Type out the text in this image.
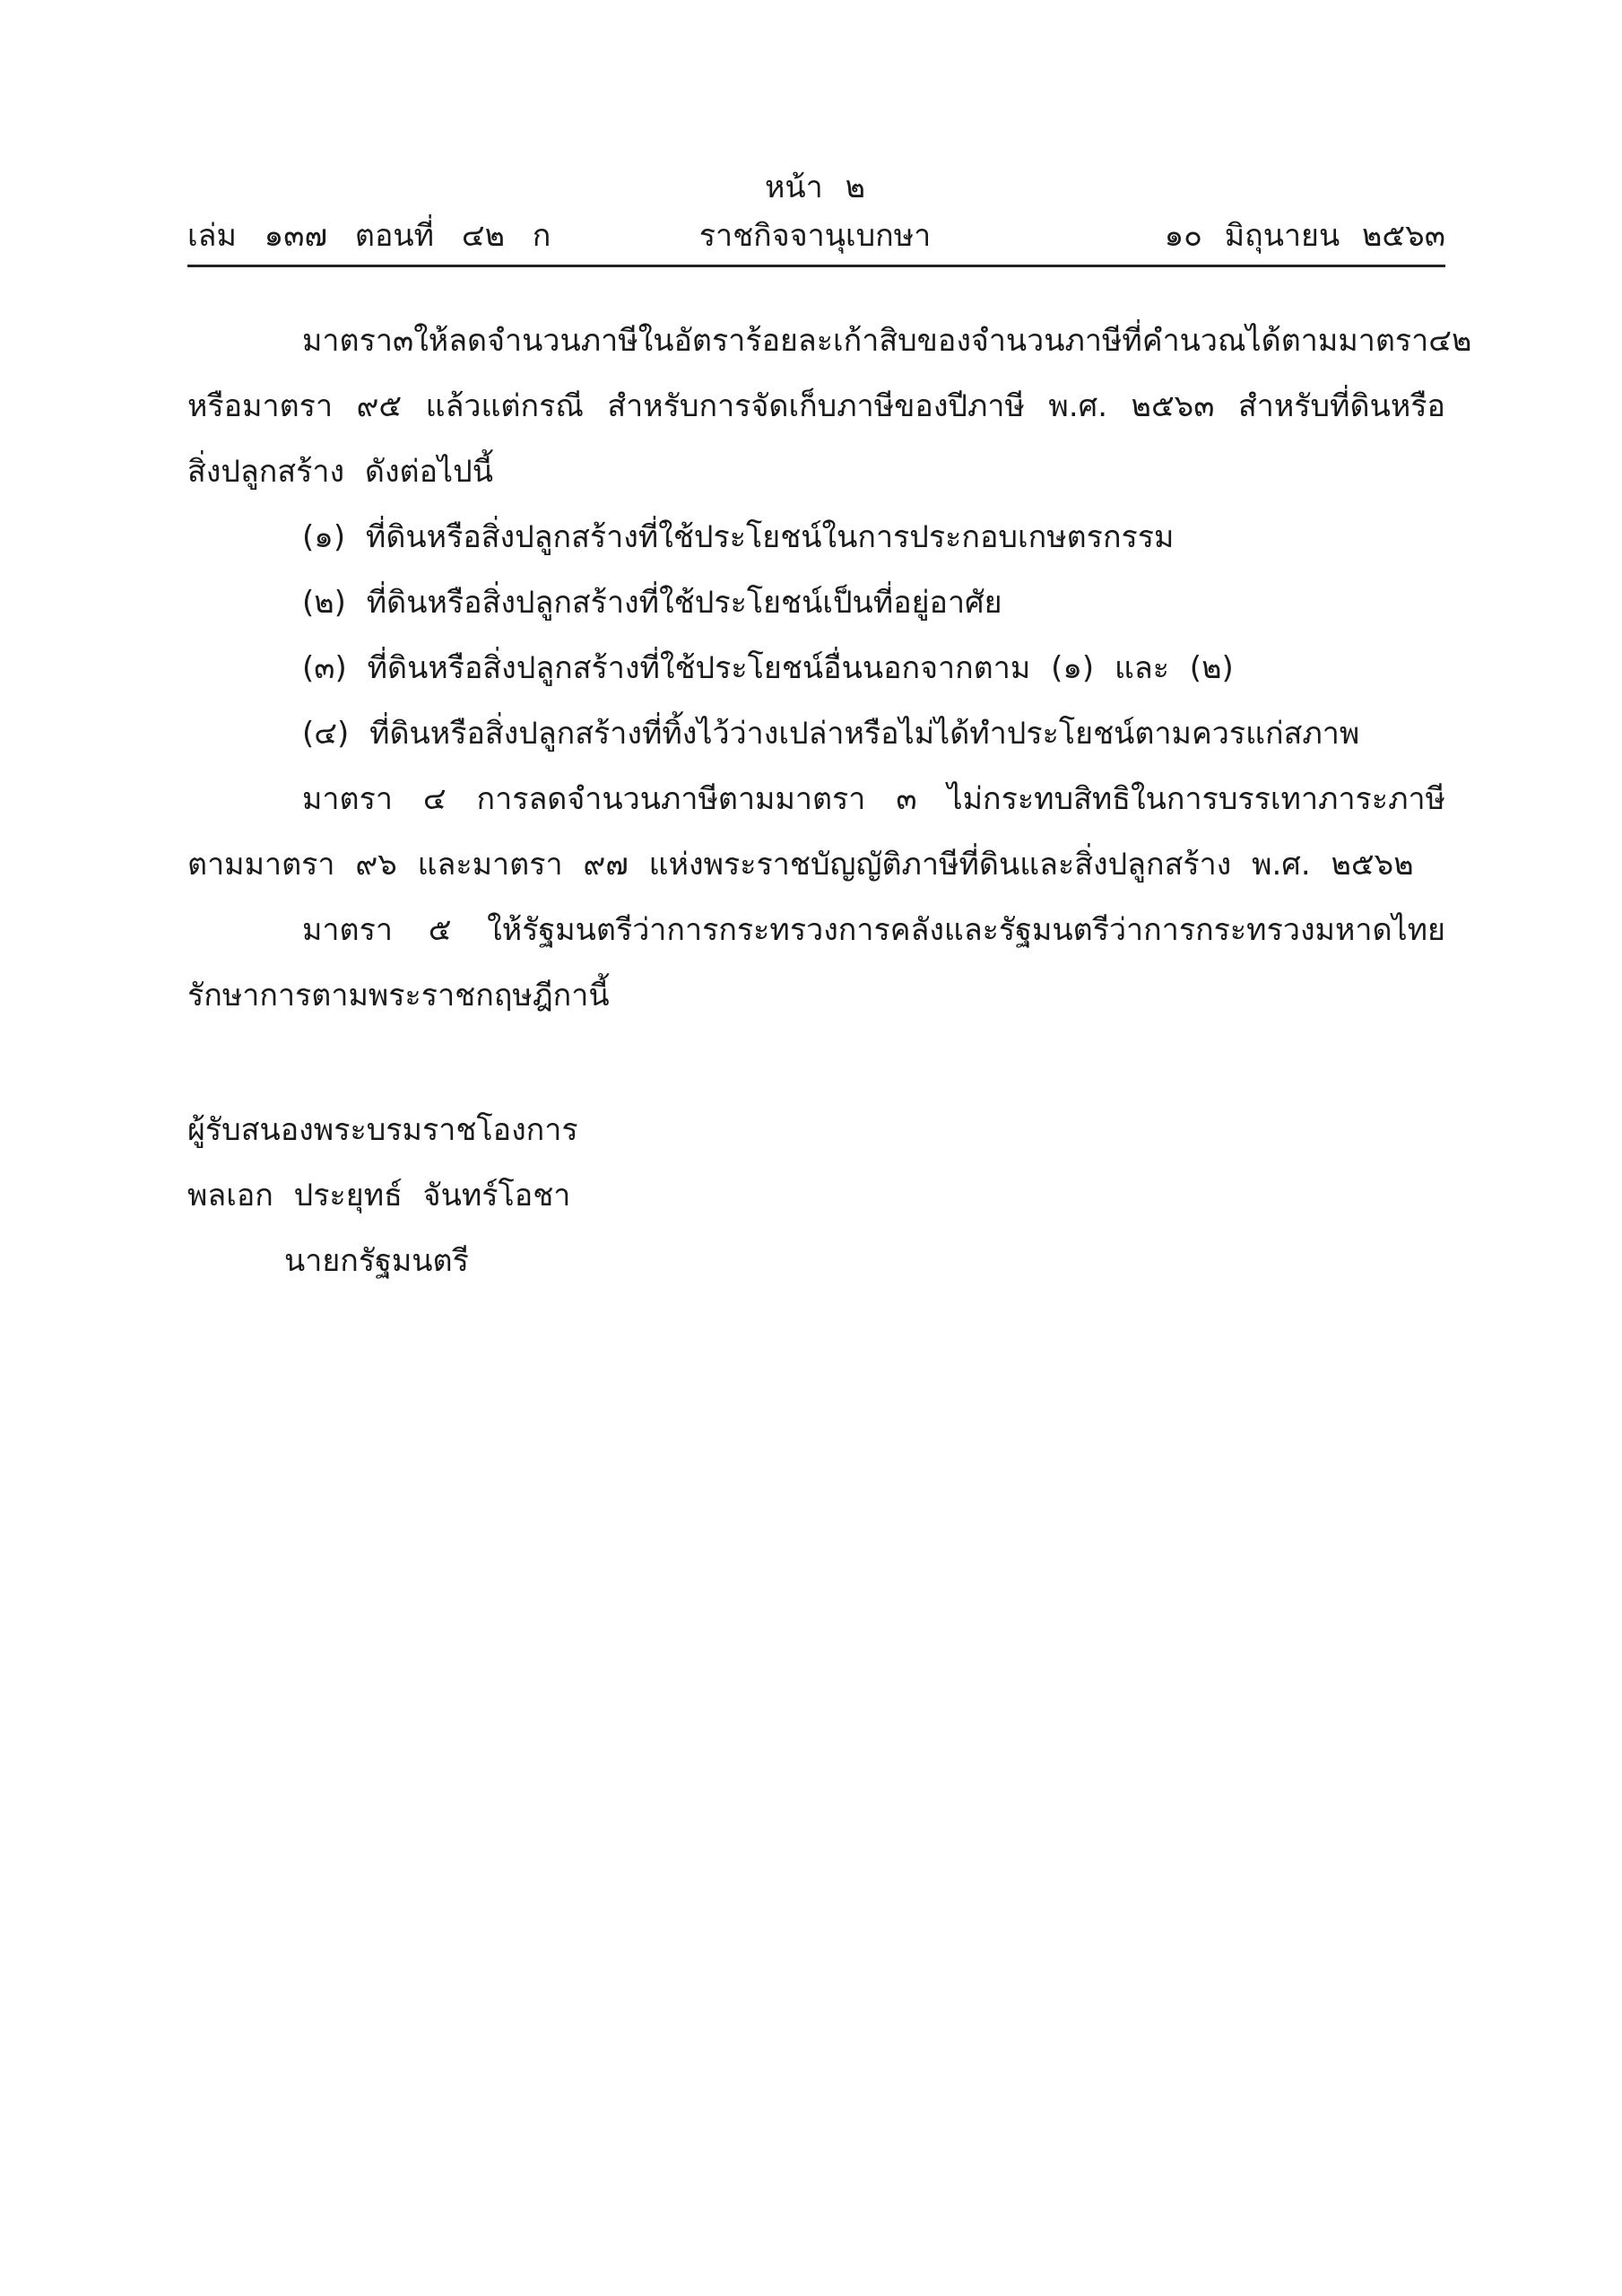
หน้า ๒
เล่ม ๑๓๗ ตอนที่ ๔๒ ก	ราชกิจจานุเบกษา	๑๐ มิถุนายน ๒๕๖๓
มาตรา ๓ ให้ลดจำนวนภาษีในอัตราร้อยละเก้าสิบ ของจำนวนภาษีที่คำนวณได้ตามมาตรา ๔๒
หรือมาตรา ๙๕ แล้วแต่กรณี สำหรับการจัดเก็บภาษีของปีภาษี พ.ศ. ๒๕๖๓ สำหรับที่ดินหรือ
สิ่งปลูกสร้าง ดังต่อไปนี้
(๑) ที่ดินหรือสิ่งปลูกสร้างที่ใช้ประโยชน์ในการประกอบเกษตรกรรม
(๒) ที่ดินหรือสิ่งปลูกสร้างที่ใช้ประโยชน์เป็นที่อยู่อาศัย
(๓) ที่ดินหรือสิ่งปลูกสร้างที่ใช้ประโยชน์อื่นนอกจากตาม (๑) และ (๒)
(๔) ที่ดินหรือสิ่งปลูกสร้างที่ทิ้งไว้ว่างเปล่าหรือไม่ได้ทำประโยชน์ตามควรแก่สภาพ
มาตรา ๔ การลดจำนวนภาษีตามมาตรา ๓ ไม่กระทบสิทธิในการบรรเทาภาระภาษี
ตามมาตรา ๙๖ และมาตรา ๙๗ แห่งพระราชบัญญัติภาษีที่ดินและสิ่งปลูกสร้าง พ.ศ. ๒๕๖๒
มาตรา ๕ ให้รัฐมนตรีว่าการกระทรวงการคลังและรัฐมนตรีว่าการกระทรวงมหาดไทย
รักษาการตามพระราชกฤษฎีกานี้
ผู้รับสนองพระบรมราชโองการ
พลเอก ประยุทธ์ จันทร์โอชา
นายกรัฐมนตรี
